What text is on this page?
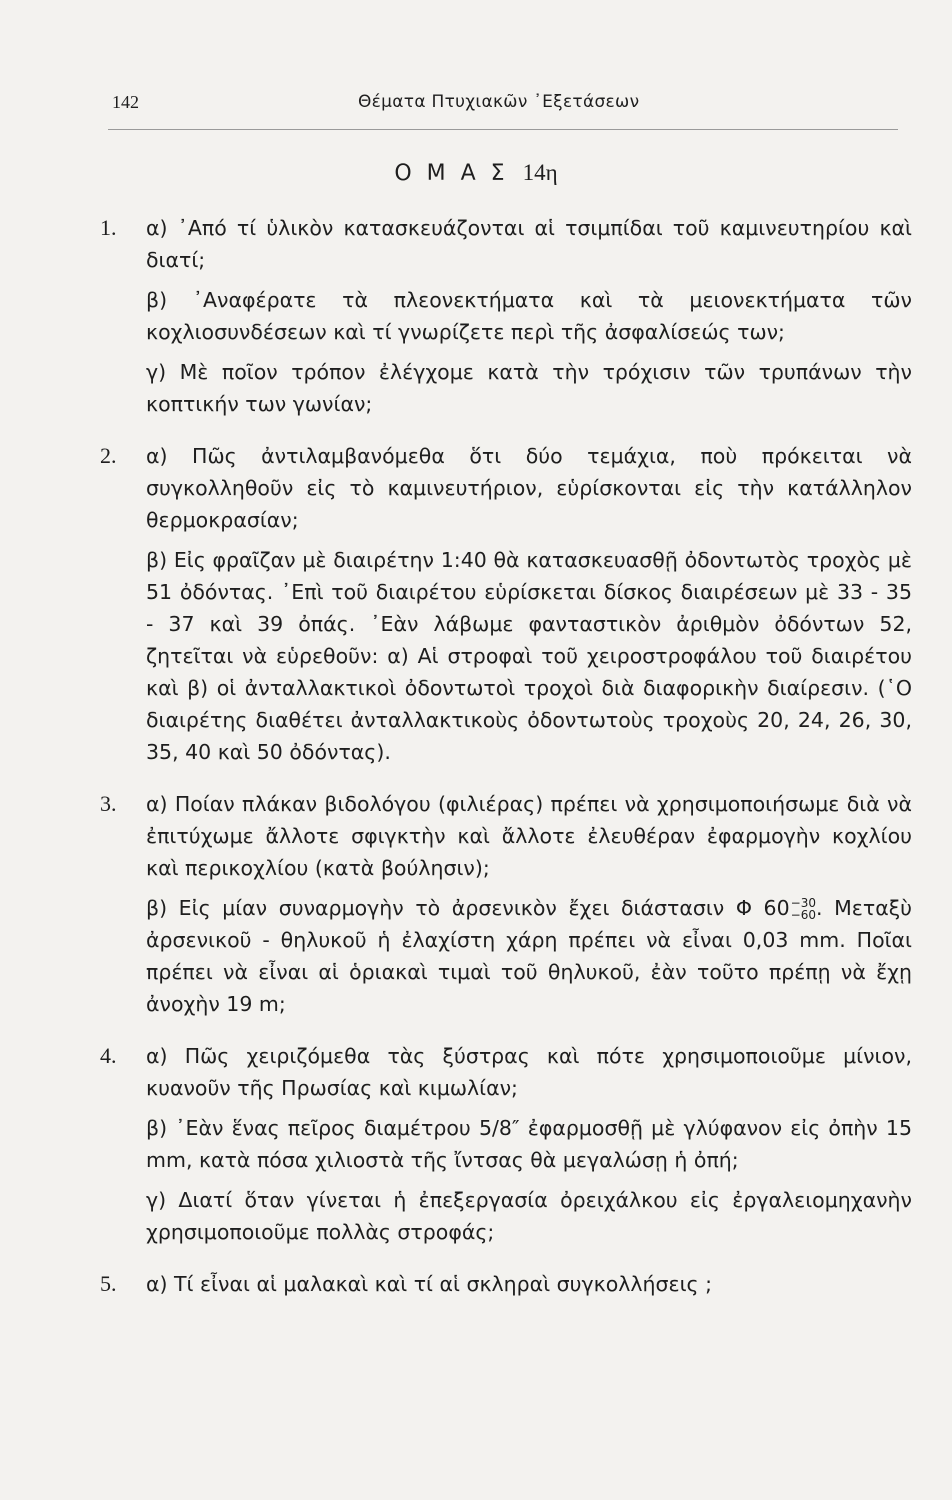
142	Θέματα Πτυχιακῶν ᾿Εξετάσεων
Ο Μ Α Σ 14η
1. α) ᾿Από τί ὑλικὸν κατασκευάζονται αἱ τσιμπίδαι τοῦ καμινευτηρίου καὶ διατί;

β) ᾿Αναφέρατε τὰ πλεονεκτήματα καὶ τὰ μειονεκτήματα τῶν κοχλιοσυνδέσεων καὶ τί γνωρίζετε περὶ τῆς ἀσφαλίσεώς των;

γ) Μὲ ποῖον τρόπον ἐλέγχομε κατὰ τὴν τρόχισιν τῶν τρυπάνων τὴν κοπτικήν των γωνίαν;

2. α) Πῶς ἀντιλαμβανόμεθα ὅτι δύο τεμάχια, ποὺ πρόκειται νὰ συγκολληθοῦν εἰς τὸ καμινευτήριον, εὑρίσκονται εἰς τὴν κατάλληλον θερμοκρασίαν;

β) Εἰς φραῖζαν μὲ διαιρέτην 1:40 θὰ κατασκευασθῇ ὀδοντωτὸς τροχὸς μὲ 51 ὀδόντας. ᾿Επὶ τοῦ διαιρέτου εὑρίσκεται δίσκος διαιρέσεων μὲ 33 - 35 - 37 καὶ 39 ὀπάς. ᾿Εὰν λάβωμε φανταστικὸν ἀριθμὸν ὀδόντων 52, ζητεῖται νὰ εὑρεθοῦν: α) Αἱ στροφαὶ τοῦ χειροστροφάλου τοῦ διαιρέτου καὶ β) οἱ ἀνταλλακτικοὶ ὀδοντωτοὶ τροχοὶ διὰ διαφορικὴν διαίρεσιν. (῾Ο διαιρέτης διαθέτει ἀνταλλακτικοὺς ὀδοντωτοὺς τροχοὺς 20, 24, 26, 30, 35, 40 καὶ 50 ὀδόντας).

3. α) Ποίαν πλάκαν βιδολόγου (φιλιέρας) πρέπει νὰ χρησιμοποιήσωμε διὰ νὰ ἐπιτύχωμε ἄλλοτε σφιγκτὴν καὶ ἄλλοτε ἐλευθέραν ἐφαρμογὴν κοχλίου καὶ περικοχλίου (κατὰ βούλησιν);

β) Εἰς μίαν συναρμογὴν τὸ ἀρσενικὸν ἔχει διάστασιν Φ 60 −30
−60 . Μεταξὺ ἀρσενικοῦ - θηλυκοῦ ἡ ἐλαχίστη χάρη πρέπει νὰ εἶναι 0,03 mm. Ποῖαι πρέπει νὰ εἶναι αἱ ὁριακαὶ τιμαὶ τοῦ θηλυκοῦ, ἐὰν τοῦτο πρέπῃ νὰ ἔχῃ ἀνοχὴν 19 m;

4. α) Πῶς χειριζόμεθα τὰς ξύστρας καὶ πότε χρησιμοποιοῦμε μίνιον, κυανοῦν τῆς Πρωσίας καὶ κιμωλίαν;

β) ᾿Εὰν ἕνας πεῖρος διαμέτρου 5/8″ ἐφαρμοσθῇ μὲ γλύφανον εἰς ὀπὴν 15 mm, κατὰ πόσα χιλιοστὰ τῆς ἴντσας θὰ μεγαλώσῃ ἡ ὀπή;

γ) Διατί ὅταν γίνεται ἡ ἐπεξεργασία ὀρειχάλκου εἰς ἐργαλειομηχανὴν χρησιμοποιοῦμε πολλὰς στροφάς;

5. α) Τί εἶναι αἱ μαλακαὶ καὶ τί αἱ σκληραὶ συγκολλήσεις ;
